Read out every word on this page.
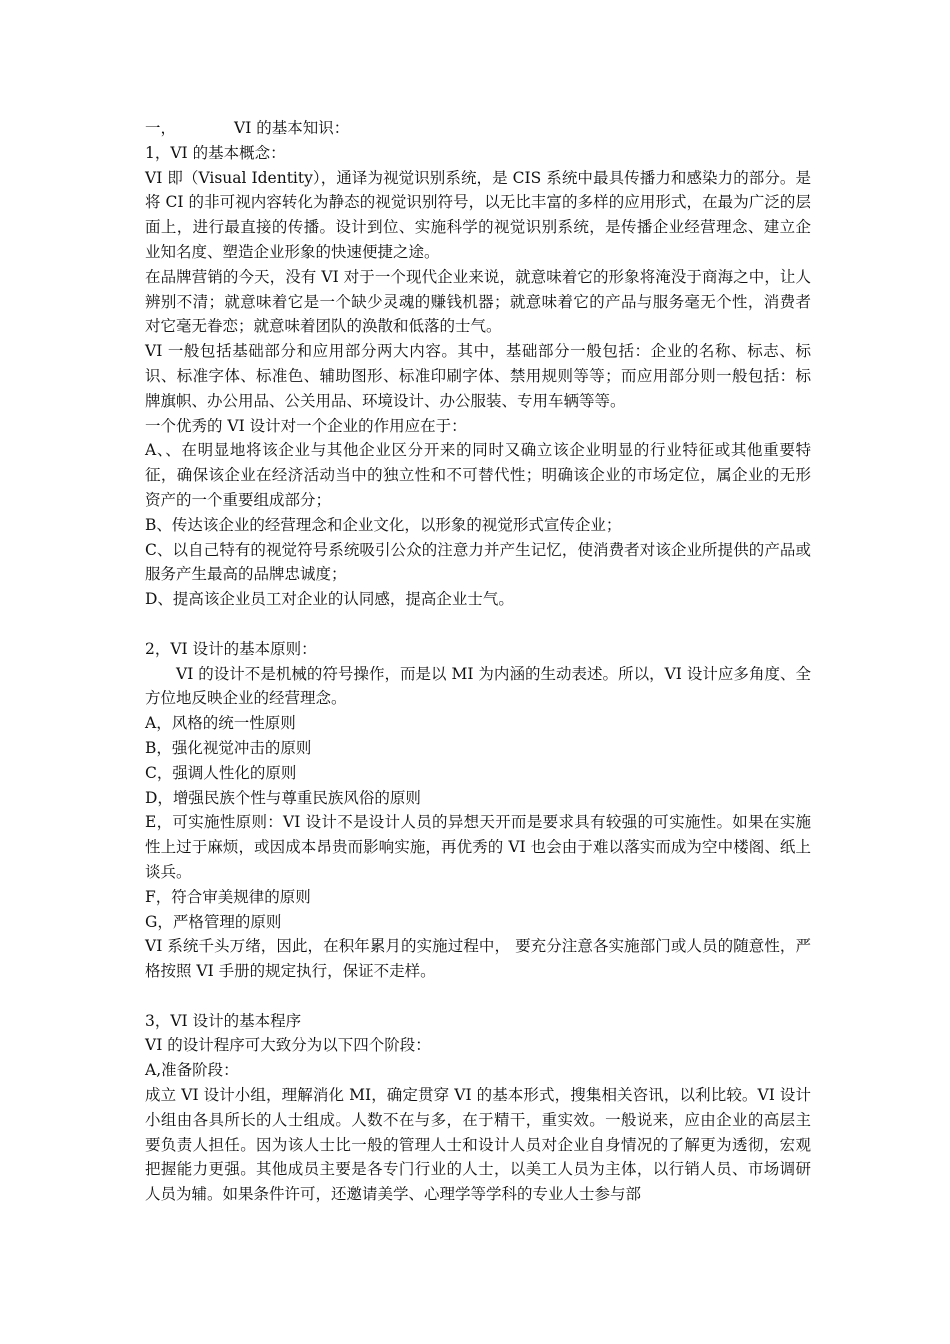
一，	VI 的基本知识：

1，VI 的基本概念：

VI 即（Visual Identity），通译为视觉识别系统，是 CIS 系统中最具传播力和感染力的部分。是将 CI 的非可视内容转化为静态的视觉识别符号，以无比丰富的多样的应用形式，在最为广泛的层面上，进行最直接的传播。设计到位、实施科学的视觉识别系统，是传播企业经营理念、建立企业知名度、塑造企业形象的快速便捷之途。

在品牌营销的今天，没有 VI 对于一个现代企业来说，就意味着它的形象将淹没于商海之中，让人辨别不清；就意味着它是一个缺少灵魂的赚钱机器；就意味着它的产品与服务毫无个性，消费者对它毫无眷恋；就意味着团队的涣散和低落的士气。

VI 一般包括基础部分和应用部分两大内容。其中，基础部分一般包括：企业的名称、标志、标识、标准字体、标准色、辅助图形、标准印刷字体、禁用规则等等；而应用部分则一般包括：标牌旗帜、办公用品、公关用品、环境设计、办公服装、专用车辆等等。

一个优秀的 VI 设计对一个企业的作用应在于：

A、、在明显地将该企业与其他企业区分开来的同时又确立该企业明显的行业特征或其他重要特征，确保该企业在经济活动当中的独立性和不可替代性；明确该企业的市场定位，属企业的无形资产的一个重要组成部分；

B、传达该企业的经营理念和企业文化，以形象的视觉形式宣传企业；

C、以自己特有的视觉符号系统吸引公众的注意力并产生记忆，使消费者对该企业所提供的产品或服务产生最高的品牌忠诚度；

D、提高该企业员工对企业的认同感，提高企业士气。

2，VI 设计的基本原则：

VI 的设计不是机械的符号操作，而是以 MI 为内涵的生动表述。所以，VI 设计应多角度、全方位地反映企业的经营理念。

A，风格的统一性原则

B，强化视觉冲击的原则

C，强调人性化的原则

D，增强民族个性与尊重民族风俗的原则

E，可实施性原则：VI 设计不是设计人员的异想天开而是要求具有较强的可实施性。如果在实施性上过于麻烦，或因成本昂贵而影响实施，再优秀的 VI 也会由于难以落实而成为空中楼阁、纸上谈兵。

F，符合审美规律的原则

G，严格管理的原则

VI 系统千头万绪，因此，在积年累月的实施过程中， 要充分注意各实施部门或人员的随意性，严格按照 VI 手册的规定执行，保证不走样。

3，VI 设计的基本程序

VI 的设计程序可大致分为以下四个阶段：

A,准备阶段：

成立 VI 设计小组，理解消化 MI，确定贯穿 VI 的基本形式，搜集相关咨讯，以利比较。VI 设计小组由各具所长的人士组成。人数不在与多，在于精干，重实效。一般说来，应由企业的高层主要负责人担任。因为该人士比一般的管理人士和设计人员对企业自身情况的了解更为透彻，宏观把握能力更强。其他成员主要是各专门行业的人士，以美工人员为主体，以行销人员、市场调研人员为辅。如果条件许可，还邀请美学、心理学等学科的专业人士参与部
